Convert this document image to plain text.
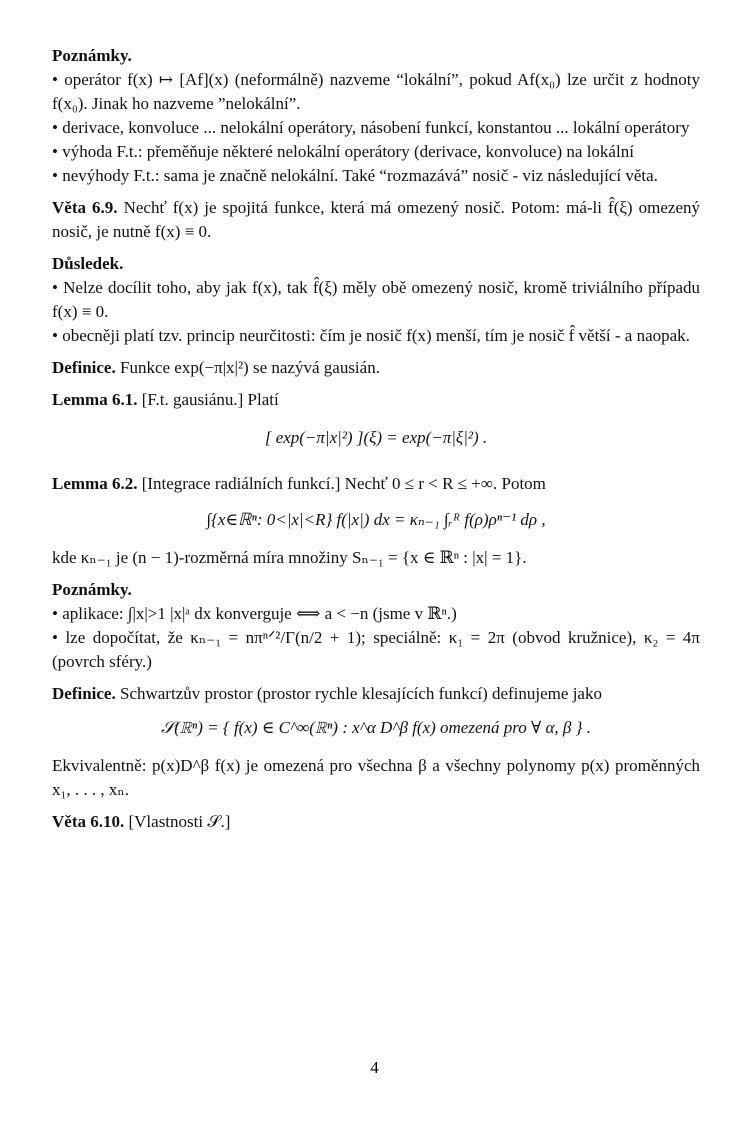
Poznámky.

• operátor f(x) ↦ [Af](x) (neformálně) nazveme “lokální”, pokud Af(x₀) lze určit z hodnoty f(x₀). Jinak ho nazveme ”nelokální”.

• derivace, konvoluce ... nelokální operátory, násobení funkcí, konstantou ... lokální operátory

• výhoda F.t.: přeměňuje některé nelokální operátory (derivace, konvoluce) na lokální

• nevýhody F.t.: sama je značně nelokální. Také “rozmazává” nosič - viz následující věta.

Věta 6.9. Nechť f(x) je spojitá funkce, která má omezený nosič. Potom: má-li f̂(ξ) omezený nosič, je nutně f(x) ≡ 0.

Důsledek.

• Nelze docílit toho, aby jak f(x), tak f̂(ξ) měly obě omezený nosič, kromě triviálního případu f(x) ≡ 0.

• obecněji platí tzv. princip neurčitosti: čím je nosič f(x) menší, tím je nosič f̂ větší - a naopak.

Definice. Funkce exp(−π|x|²) se nazývá gausián.

Lemma 6.1. [F.t. gausiánu.] Platí

[ exp(−π|x|²) ](ξ) = exp(−π|ξ|²) .

Lemma 6.2. [Integrace radiálních funkcí.] Nechť 0 ≤ r < R ≤ +∞. Potom

∫{x∈ℝⁿ: 0<|x|<R} f(|x|) dx = κₙ₋₁ ∫ᵣᴿ f(ρ)ρⁿ⁻¹ dρ ,

kde κₙ₋₁ je (n − 1)-rozměrná míra množiny Sₙ₋₁ = {x ∈ ℝⁿ : |x| = 1}.

Poznámky.

• aplikace: ∫|x|>1 |x|ᵃ dx konverguje ⟺ a < −n (jsme v ℝⁿ.)

• lze dopočítat, že κₙ₋₁ = nπⁿᐟ²/Γ(n/2 + 1); speciálně: κ₁ = 2π (obvod kružnice), κ₂ = 4π (povrch sféry.)

Definice. Schwartzův prostor (prostor rychle klesajících funkcí) definujeme jako

𝒮(ℝⁿ) = { f(x) ∈ C^∞(ℝⁿ) : x^α D^β f(x) omezená pro ∀ α, β } .

Ekvivalentně: p(x)D^β f(x) je omezená pro všechna β a všechny polynomy p(x) proměnných x₁, . . . , xₙ.

Věta 6.10. [Vlastnosti 𝒮.]

4
